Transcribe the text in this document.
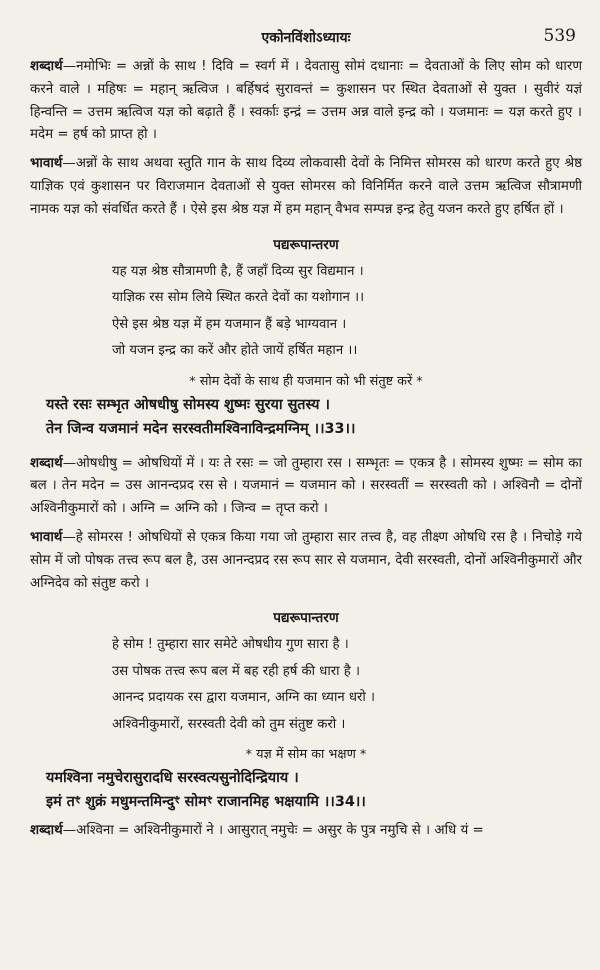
एकोनविंशोऽध्यायः	539

शब्दार्थ—नमोभिः = अन्नों के साथ ! दिवि = स्वर्ग में । देवतासु सोमं दधानाः = देवताओं के लिए सोम को धारण करने वाले । महिषः = महान् ऋत्विज । बर्हिषदं सुरावन्तं = कुशासन पर स्थित देवताओं से युक्त । सुवीरं यज्ञं हिन्वन्ति = उत्तम ऋत्विज यज्ञ को बढ़ाते हैं । स्वर्काः इन्द्रं = उत्तम अन्न वाले इन्द्र को । यजमानः = यज्ञ करते हुए । मदेम = हर्ष को प्राप्त हो ।

भावार्थ—अन्नों के साथ अथवा स्तुति गान के साथ दिव्य लोकवासी देवों के निमित्त सोमरस को धारण करते हुए श्रेष्ठ याज्ञिक एवं कुशासन पर विराजमान देवताओं से युक्त सोमरस को विनिर्मित करने वाले उत्तम ऋत्विज सौत्रामणी नामक यज्ञ को संवर्धित करते हैं । ऐसे इस श्रेष्ठ यज्ञ में हम महान् वैभव सम्पन्न इन्द्र हेतु यजन करते हुए हर्षित हों ।

पद्यरूपान्तरण
यह यज्ञ श्रेष्ठ सौत्रामणी है, हैं जहाँ दिव्य सुर विद्यमान ।
याज्ञिक रस सोम लिये स्थित करते देवों का यशोगान ।।
ऐसे इस श्रेष्ठ यज्ञ में हम यजमान हैं बड़े भाग्यवान ।
जो यजन इन्द्र का करें और होते जायें हर्षित महान ।।
* सोम देवों के साथ ही यजमान को भी संतुष्ट करें *
यस्ते रसः सम्भृत ओषधीषु सोमस्य शुष्मः सुरया सुतस्य ।
तेन जिन्व यजमानं मदेन सरस्वतीमश्विनाविन्द्रमग्निम् ।।33।।

शब्दार्थ—ओषधीषु = ओषधियों में । यः ते रसः = जो तुम्हारा रस । सम्भृतः = एकत्र है । सोमस्य शुष्मः = सोम का बल । तेन मदेन = उस आनन्दप्रद रस से । यजमानं = यजमान को । सरस्वतीं = सरस्वती को । अश्विनौ = दोनों अश्विनीकुमारों को । अग्नि = अग्नि को । जिन्व = तृप्त करो ।

भावार्थ—हे सोमरस ! ओषधियों से एकत्र किया गया जो तुम्हारा सार तत्त्व है, वह तीक्ष्ण ओषधि रस है । निचोड़े गये सोम में जो पोषक तत्त्व रूप बल है, उस आनन्दप्रद रस रूप सार से यजमान, देवी सरस्वती, दोनों अश्विनीकुमारों और अग्निदेव को संतुष्ट करो ।

पद्यरूपान्तरण
हे सोम ! तुम्हारा सार समेटे ओषधीय गुण सारा है ।
उस पोषक तत्त्व रूप बल में बह रही हर्ष की धारा है ।
आनन्द प्रदायक रस द्वारा यजमान, अग्नि का ध्यान धरो ।
अश्विनीकुमारों, सरस्वती देवी को तुम संतुष्ट करो ।
* यज्ञ में सोम का भक्षण *
यमश्विना नमुचेरासुरादधि सरस्वत्यसुनोदिन्द्रियाय ।
इमं तꣳ शुक्रं मधुमन्तमिन्दुꣳ सोमꣳ राजानमिह भक्षयामि ।।34।।

शब्दार्थ—अश्विना = अश्विनीकुमारों ने । आसुरात् नमुचेः = असुर के पुत्र नमुचि से । अधि यं =
